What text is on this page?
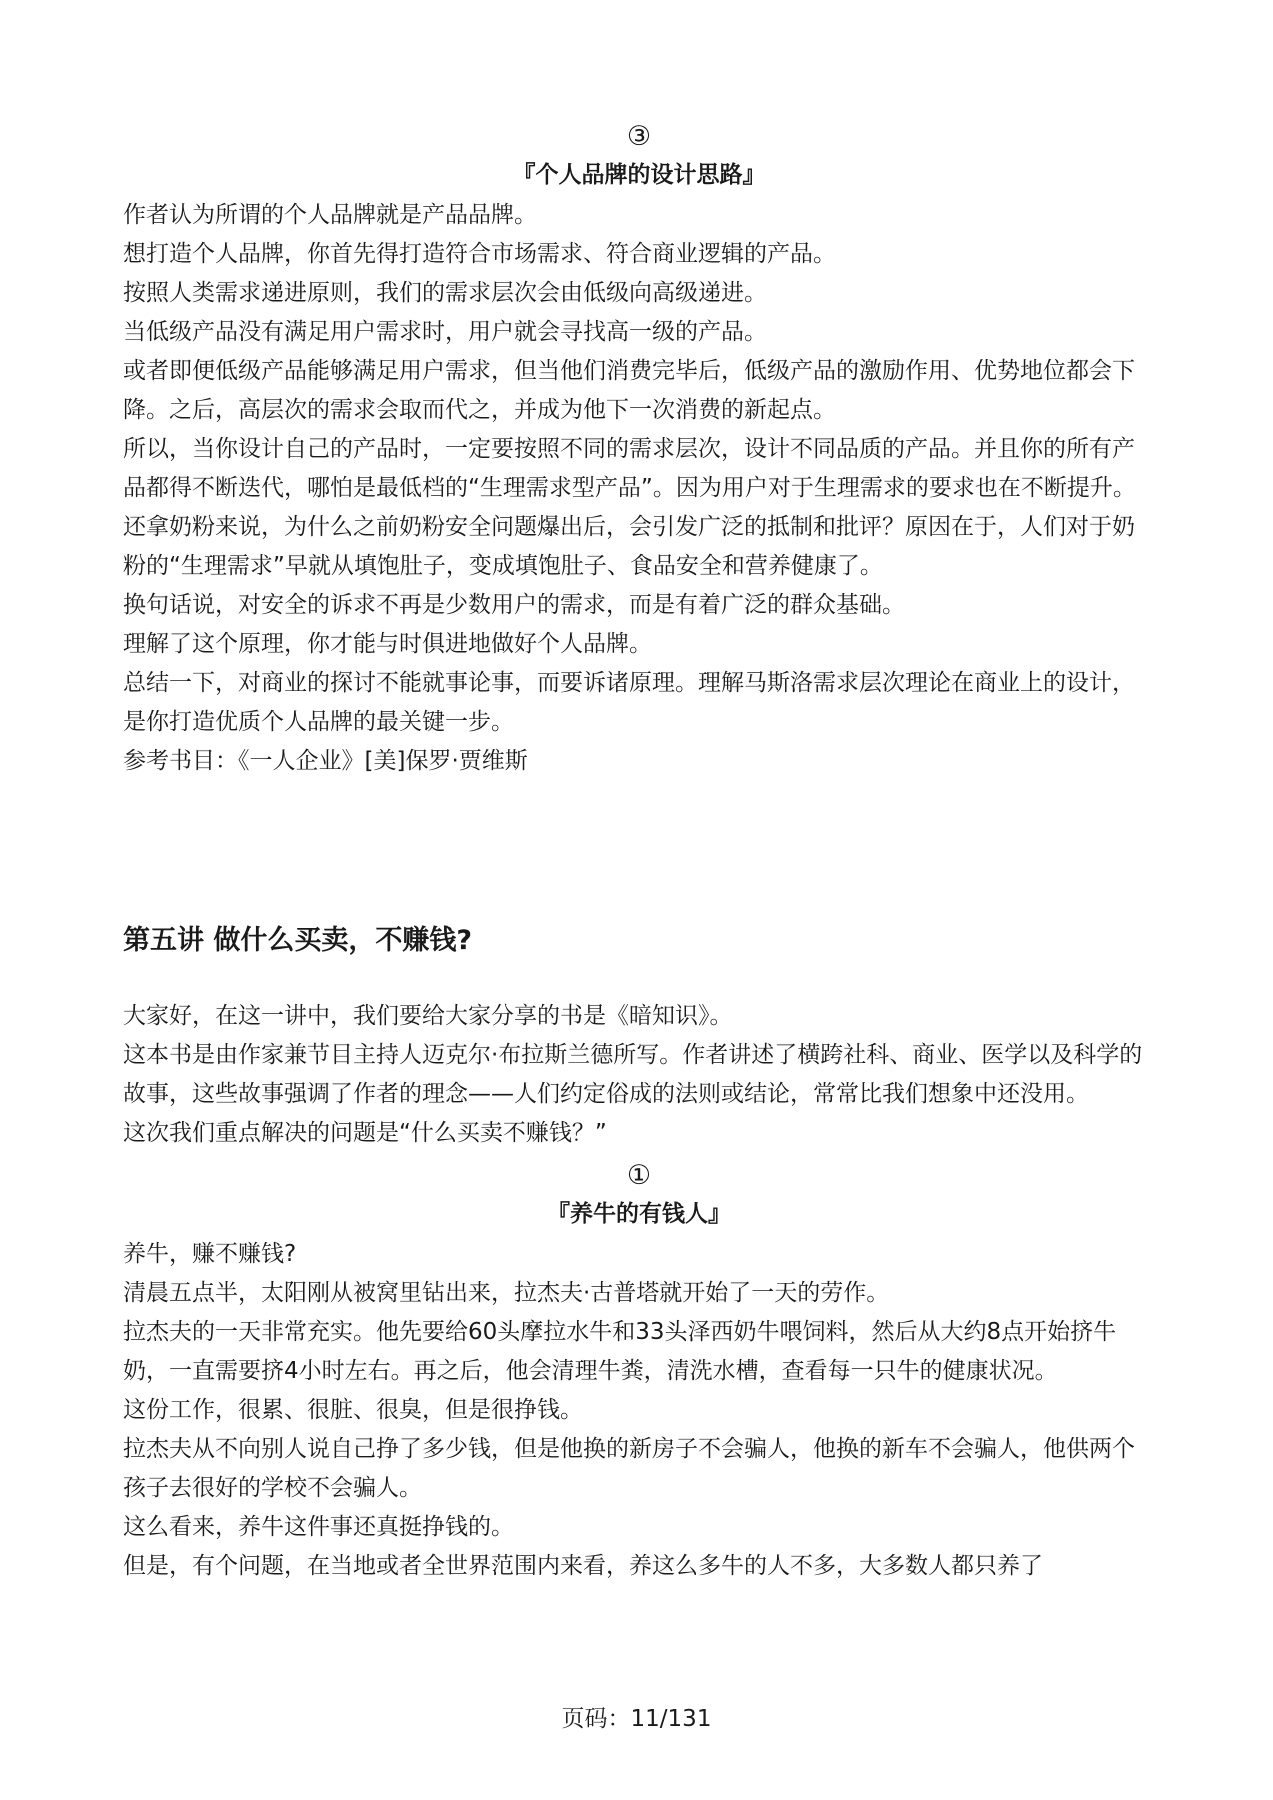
③
『个人品牌的设计思路』

作者认为所谓的个人品牌就是产品品牌。

想打造个人品牌，你首先得打造符合市场需求、符合商业逻辑的产品。

按照人类需求递进原则，我们的需求层次会由低级向高级递进。

当低级产品没有满足用户需求时，用户就会寻找高一级的产品。

或者即便低级产品能够满足用户需求，但当他们消费完毕后，低级产品的激励作用、优势地位都会下降。之后，高层次的需求会取而代之，并成为他下一次消费的新起点。

所以，当你设计自己的产品时，一定要按照不同的需求层次，设计不同品质的产品。并且你的所有产品都得不断迭代，哪怕是最低档的“生理需求型产品”。因为用户对于生理需求的要求也在不断提升。

还拿奶粉来说，为什么之前奶粉安全问题爆出后，会引发广泛的抵制和批评？原因在于，人们对于奶粉的“生理需求”早就从填饱肚子，变成填饱肚子、食品安全和营养健康了。

换句话说，对安全的诉求不再是少数用户的需求，而是有着广泛的群众基础。

理解了这个原理，你才能与时俱进地做好个人品牌。

总结一下，对商业的探讨不能就事论事，而要诉诸原理。理解马斯洛需求层次理论在商业上的设计，是你打造优质个人品牌的最关键一步。

参考书目：《一人企业》[美]保罗·贾维斯

第五讲 做什么买卖，不赚钱?

大家好，在这一讲中，我们要给大家分享的书是《暗知识》。

这本书是由作家兼节目主持人迈克尔·布拉斯兰德所写。作者讲述了横跨社科、商业、医学以及科学的故事，这些故事强调了作者的理念——人们约定俗成的法则或结论，常常比我们想象中还没用。

这次我们重点解决的问题是“什么买卖不赚钱？”

①
『养牛的有钱人』

养牛，赚不赚钱?

清晨五点半，太阳刚从被窝里钻出来，拉杰夫·古普塔就开始了一天的劳作。

拉杰夫的一天非常充实。他先要给60头摩拉水牛和33头泽西奶牛喂饲料，然后从大约8点开始挤牛奶，一直需要挤4小时左右。再之后，他会清理牛粪，清洗水槽，查看每一只牛的健康状况。

这份工作，很累、很脏、很臭，但是很挣钱。

拉杰夫从不向别人说自己挣了多少钱，但是他换的新房子不会骗人，他换的新车不会骗人，他供两个孩子去很好的学校不会骗人。

这么看来，养牛这件事还真挺挣钱的。

但是，有个问题，在当地或者全世界范围内来看，养这么多牛的人不多，大多数人都只养了

页码：11/131
